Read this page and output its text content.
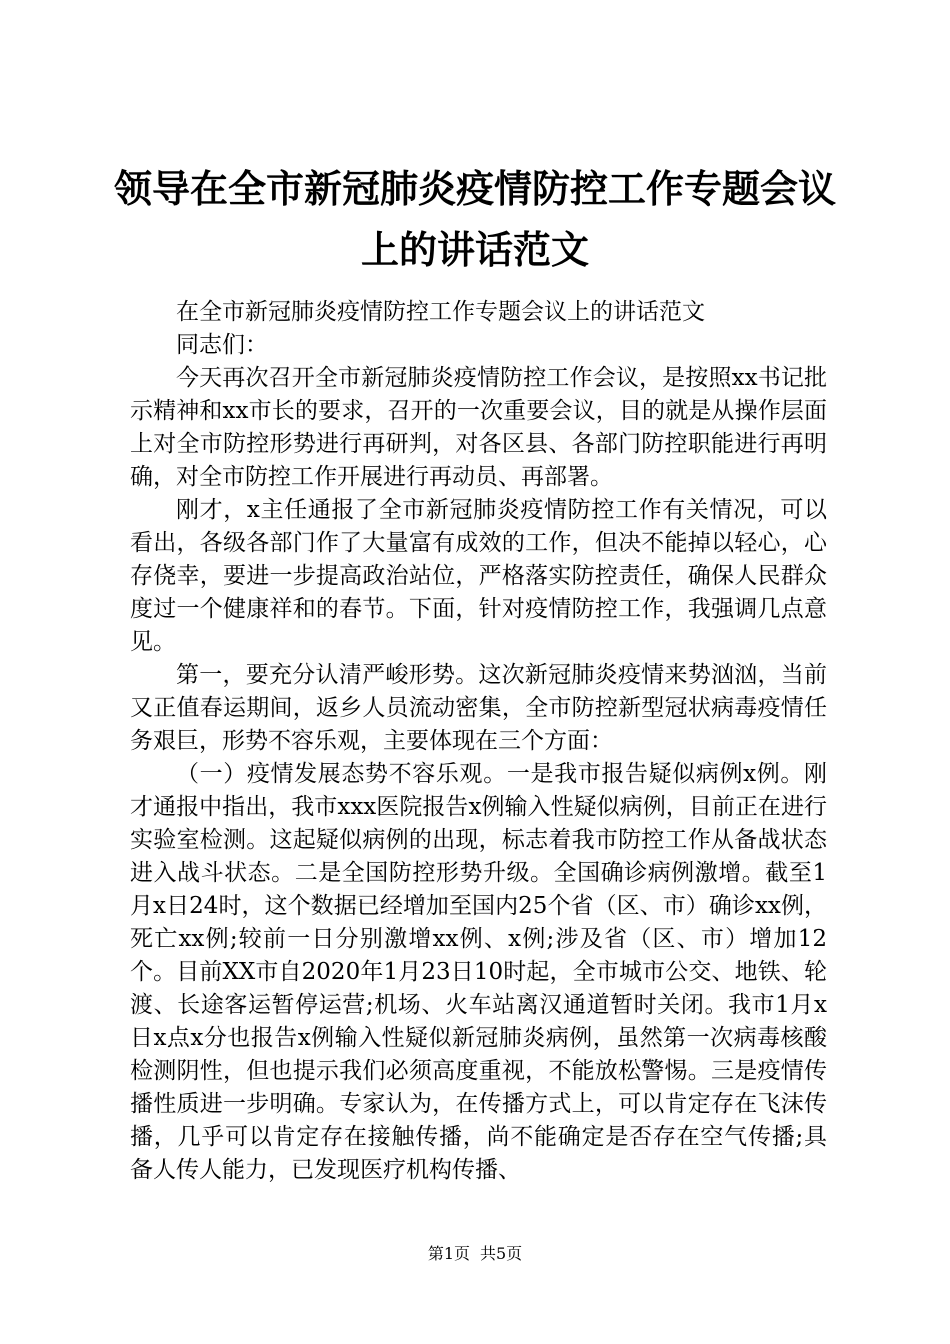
领导在全市新冠肺炎疫情防控工作专题会议上的讲话范文

在全市新冠肺炎疫情防控工作专题会议上的讲话范文

同志们：

今天再次召开全市新冠肺炎疫情防控工作会议，是按照xx书记批示精神和xx市长的要求，召开的一次重要会议，目的就是从操作层面上对全市防控形势进行再研判，对各区县、各部门防控职能进行再明确，对全市防控工作开展进行再动员、再部署。

刚才，x主任通报了全市新冠肺炎疫情防控工作有关情况，可以看出，各级各部门作了大量富有成效的工作，但决不能掉以轻心，心存侥幸，要进一步提高政治站位，严格落实防控责任，确保人民群众度过一个健康祥和的春节。下面，针对疫情防控工作，我强调几点意见。

第一，要充分认清严峻形势。这次新冠肺炎疫情来势汹汹，当前又正值春运期间，返乡人员流动密集，全市防控新型冠状病毒疫情任务艰巨，形势不容乐观，主要体现在三个方面：

（一）疫情发展态势不容乐观。一是我市报告疑似病例x例。刚才通报中指出，我市xxx医院报告x例输入性疑似病例，目前正在进行实验室检测。这起疑似病例的出现，标志着我市防控工作从备战状态进入战斗状态。二是全国防控形势升级。全国确诊病例激增。截至1月x日24时，这个数据已经增加至国内25个省（区、市）确诊xx例，死亡xx例;较前一日分别激增xx例、x例;涉及省（区、市）增加12个。目前XX市自2020年1月23日10时起，全市城市公交、地铁、轮渡、长途客运暂停运营;机场、火车站离汉通道暂时关闭。我市1月x日x点x分也报告x例输入性疑似新冠肺炎病例，虽然第一次病毒核酸检测阴性，但也提示我们必须高度重视，不能放松警惕。三是疫情传播性质进一步明确。专家认为，在传播方式上，可以肯定存在飞沫传播，几乎可以肯定存在接触传播，尚不能确定是否存在空气传播;具备人传人能力，已发现医疗机构传播、

第1页 共5页
